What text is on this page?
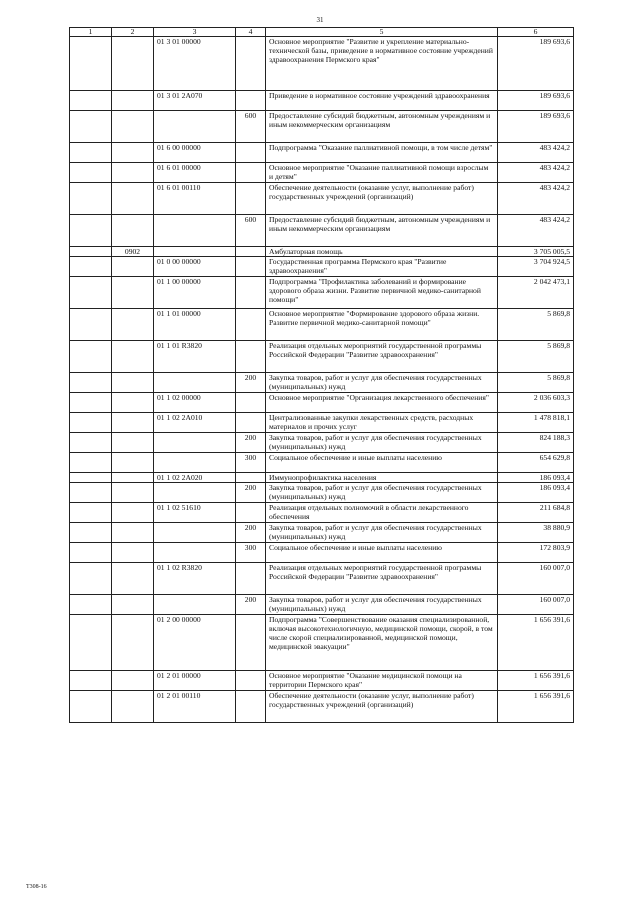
31
1	2	3	4	5	6
		01 3 01 00000		Основное мероприятие "Развитие и укрепление материально-технической базы, приведение в нормативное состояние учреждений здравоохранения Пермского края"	189 693,6
		01 3 01 2А070		Приведение в нормативное состояние учреждений здравоохранения	189 693,6
			600	Предоставление субсидий бюджетным, автономным учреждениям и иным некоммерческим организациям	189 693,6
		01 6 00 00000		Подпрограмма "Оказание паллиативной помощи, в том числе детям"	483 424,2
		01 6 01 00000		Основное мероприятие "Оказание паллиативной помощи взрослым и детям"	483 424,2
		01 6 01 00110		Обеспечение деятельности (оказание услуг, выполнение работ) государственных учреждений (организаций)	483 424,2
			600	Предоставление субсидий бюджетным, автономным учреждениям и иным некоммерческим организациям	483 424,2
	0902			Амбулаторная помощь	3 705 005,5
		01 0 00 00000		Государственная программа Пермского края "Развитие здравоохранения"	3 704 924,5
		01 1 00 00000		Подпрограмма "Профилактика заболеваний и формирование здорового образа жизни. Развитие первичной медико-санитарной помощи"	2 042 473,1
		01 1 01 00000		Основное мероприятие "Формирование здорового образа жизни. Развитие первичной медико-санитарной помощи"	5 869,8
		01 1 01 R3820		Реализация отдельных мероприятий государственной программы Российской Федерации "Развитие здравоохранения"	5 869,8
			200	Закупка товаров, работ и услуг для обеспечения государственных (муниципальных) нужд	5 869,8
		01 1 02 00000		Основное мероприятие "Организация лекарственного обеспечения"	2 036 603,3
		01 1 02 2А010		Централизованные закупки лекарственных средств, расходных материалов и прочих услуг	1 478 818,1
			200	Закупка товаров, работ и услуг для обеспечения государственных (муниципальных) нужд	824 188,3
			300	Социальное обеспечение и иные выплаты населению	654 629,8
		01 1 02 2А020		Иммунопрофилактика населения	186 093,4
			200	Закупка товаров, работ и услуг для обеспечения государственных (муниципальных) нужд	186 093,4
		01 1 02 51610		Реализация отдельных полномочий в области лекарственного обеспечения	211 684,8
			200	Закупка товаров, работ и услуг для обеспечения государственных (муниципальных) нужд	38 880,9
			300	Социальное обеспечение и иные выплаты населению	172 803,9
		01 1 02 R3820		Реализация отдельных мероприятий государственной программы Российской Федерации "Развитие здравоохранения"	160 007,0
			200	Закупка товаров, работ и услуг для обеспечения государственных (муниципальных) нужд	160 007,0
		01 2 00 00000		Подпрограмма "Совершенствование оказания специализированной, включая высокотехнологичную, медицинской помощи, скорой, в том числе скорой специализированной, медицинской помощи, медицинской эвакуации"	1 656 391,6
		01 2 01 00000		Основное мероприятие "Оказание медицинской помощи на территории Пермского края"	1 656 391,6
		01 2 01 00110		Обеспечение деятельности (оказание услуг, выполнение работ) государственных учреждений (организаций)	1 656 391,6
T308-16
